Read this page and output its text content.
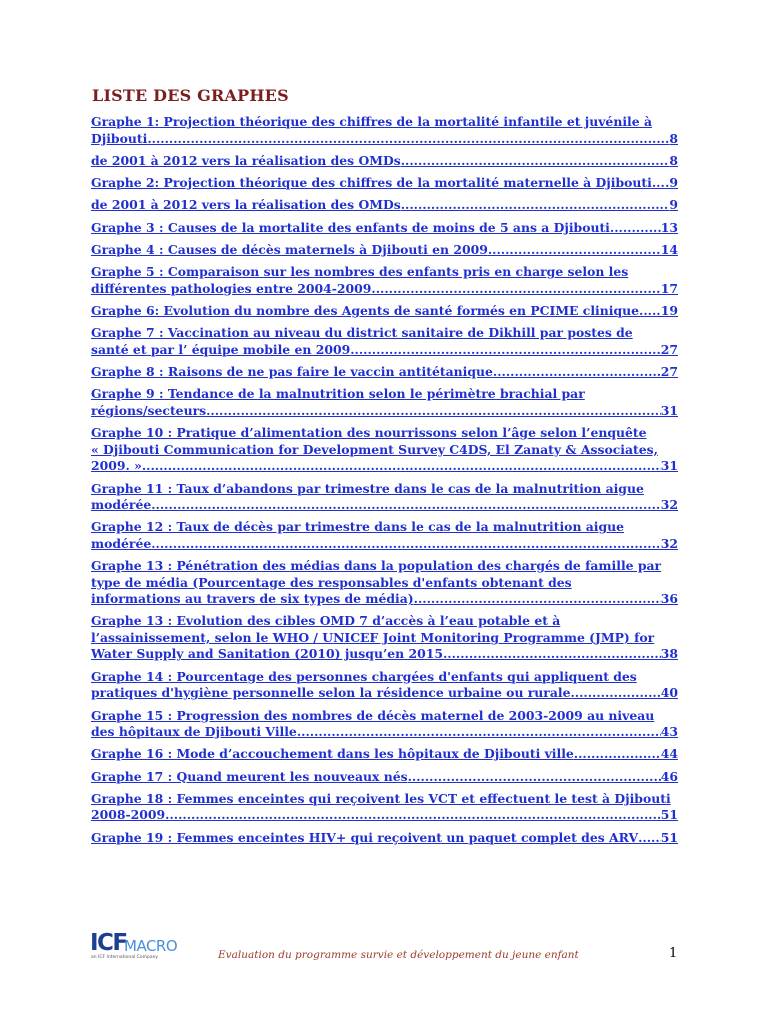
LISTE DES GRAPHES
Graphe 1: Projection théorique des chiffres de la mortalité infantile et juvénile à
Djibouti .....	8
de 2001 à 2012 vers la réalisation des OMDs .....	8
Graphe 2: Projection théorique des chiffres de la mortalité maternelle à Djibouti ..... .9
de 2001 à 2012 vers la réalisation des OMDs .....	9
Graphe 3 : Causes de la mortalite des enfants de moins de 5 ans a Djibouti .....	13
Graphe 4 : Causes de décès maternels à Djibouti en 2009 .....	14
Graphe 5 : Comparaison sur les nombres des enfants pris en charge selon les
différentes pathologies entre 2004-2009 .....	17
Graphe 6: Evolution du nombre des Agents de santé formés en PCIME clinique ..... 19
Graphe 7 : Vaccination au niveau du district sanitaire de Dikhill par postes de
santé et par l’ équipe mobile en 2009 .....	27
Graphe 8 : Raisons de ne pas faire le vaccin antitétanique .....	27
Graphe 9 : Tendance de la malnutrition selon le périmètre brachial par
régions/secteurs .....	31
Graphe 10 : Pratique d’alimentation des nourrissons selon l’âge selon l’enquête
« Djibouti Communication for Development Survey C4DS, El Zanaty & Associates,
2009. » .....	31
Graphe 11 : Taux d’abandons par trimestre dans le cas de la malnutrition aigue
modérée .....	32
Graphe 12 : Taux de décès par trimestre dans le cas de la malnutrition aigue
modérée .....	32
Graphe 13 : Pénétration des médias dans la population des chargés de famille par
type de média (Pourcentage des responsables d'enfants obtenant des
informations au travers de six types de média) .....	36
Graphe 13 : Evolution des cibles OMD 7 d’accès à l’eau potable et à
l’assainissement, selon le WHO / UNICEF Joint Monitoring Programme (JMP) for
Water Supply and Sanitation (2010) jusqu’en 2015 .....	38
Graphe 14 : Pourcentage des personnes chargées d'enfants qui appliquent des
pratiques d'hygiène personnelle selon la résidence urbaine ou rurale .....	40
Graphe 15 : Progression des nombres de décès maternel de 2003-2009 au niveau
des hôpitaux de Djibouti Ville .....	43
Graphe 16 : Mode d’accouchement dans les hôpitaux de Djibouti ville .....	44
Graphe 17 : Quand meurent les nouveaux nés .....	46
Graphe 18 : Femmes enceintes qui reçoivent les VCT et effectuent le test à Djibouti
2008-2009 .....	51
Graphe 19 : Femmes enceintes HIV+ qui reçoivent un paquet complet des ARV ..... 51
ICF
MACRO
an ICF International Company	Evaluation du programme survie et développement du jeune enfant	1
